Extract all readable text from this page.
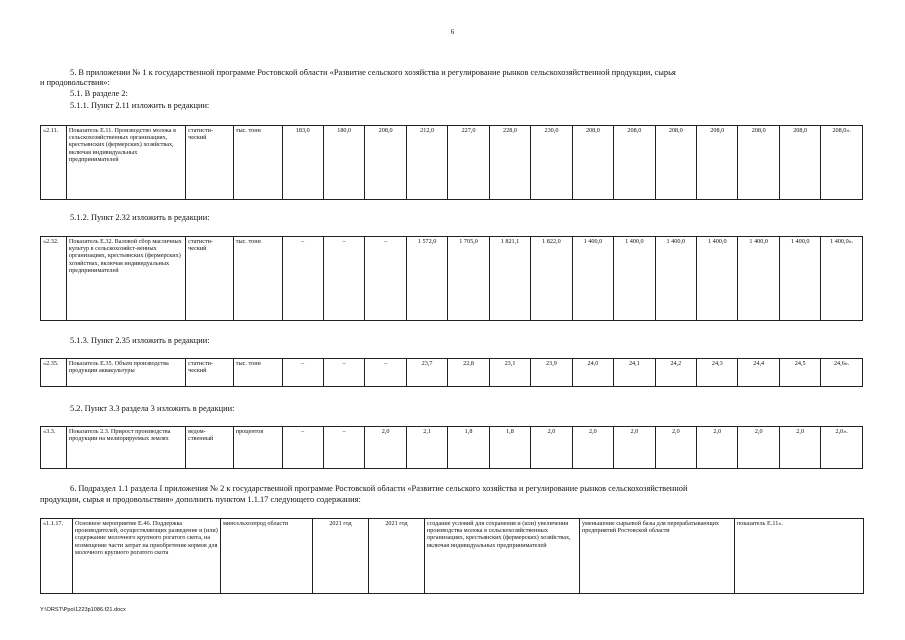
6
5. В приложении № 1 к государственной программе Ростовской области «Развитие сельского хозяйства и регулирование рынков сельскохозяйственной продукции, сырья
и продовольствия»:
5.1. В разделе 2:
5.1.1. Пункт 2.11 изложить в редакции:
«2.11.	Показатель Е.11. Производство молока в сельскохозяйственных организациях, крестьянских (фермерских) хозяйствах, включая индивидуальных предпринимателей	статисти-ческий	тыс. тонн	183,0	180,0	208,0	212,0	227,0	228,0	230,0	208,0	208,0	208,0	208,0	208,0	208,0	208,0».
5.1.2. Пункт 2.32 изложить в редакции:
«2.32.	Показатель Е.32. Валовой сбор масличных культур в сельскохозяйст-венных организациях, крестьянских (фермерских) хозяйствах, включая индивидуальных предпринимателей	статисти-ческий	тыс. тонн	–	–	–	1 572,0	1 705,0	1 821,1	1 822,0	1 400,0	1 400,0	1 400,0	1 400,0	1 400,0	1 400,0	1 400,0».
5.1.3. Пункт 2.35 изложить в редакции:
«2.35.	Показатель Е.35. Объем производства продукции аквакультуры	статисти-ческий	тыс. тонн	–	–	–	23,7	22,8	23,1	23,9	24,0	24,1	24,2	24,3	24,4	24,5	24,6».
5.2. Пункт 3.3 раздела 3 изложить в редакции:
«3.3.	Показатель 2.3. Прирост производства продукции на мелиорируемых землях	ведом-ственный	процентов	–	–	2,0	2,1	1,8	1,8	2,0	2,0	2,0	2,0	2,0	2,0	2,0	2,0».
6. Подраздел 1.1 раздела I приложения № 2 к государственной программе Ростовской области «Развитие сельского хозяйства и регулирование рынков сельскохозяйственной
продукции, сырья и продовольствия» дополнить пунктом 1.1.17 следующего содержания:
«1.1.17.	Основное мероприятие Е.46. Поддержка производителей, осуществляющих разведение и (или) содержание молочного крупного рогатого скота, на возмещение части затрат на приобретение кормов для молочного крупного рогатого скота	минсельхозпрод области	2021 год	2021 год	создание условий для сохранения и (или) увеличения производства молока в сельскохозяйственных организациях, крестьянских (фермерских) хозяйствах, включая индивидуальных предпринимателей	уменьшение сырьевой базы для перерабатывающих предприятий Ростовской области	показатель Е.11».
Y:\ORST\Ppo\1223p1086.f21.docx
